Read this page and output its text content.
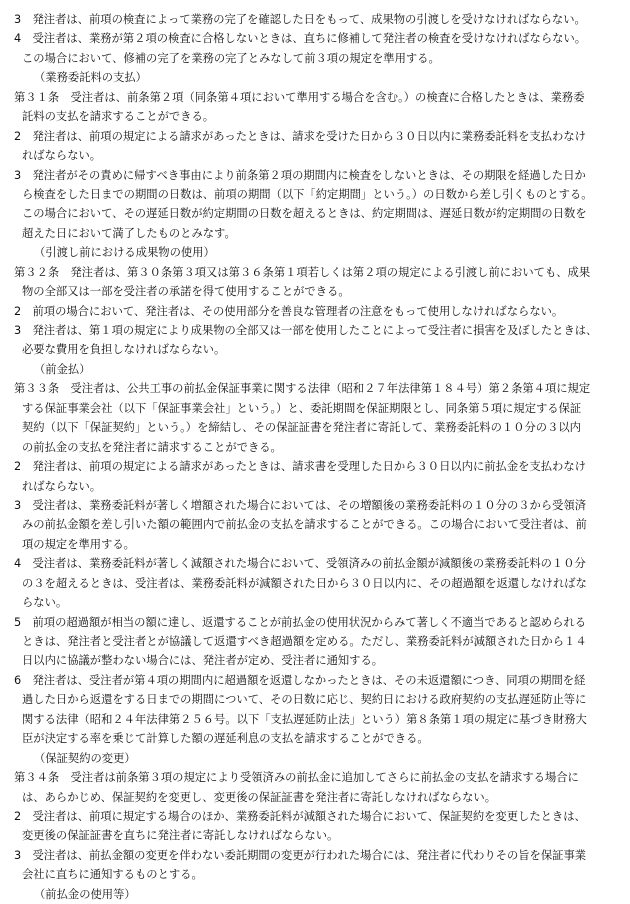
3　発注者は、前項の検査によって業務の完了を確認した日をもって、成果物の引渡しを受けなければならない。
4　受注者は、業務が第２項の検査に合格しないときは、直ちに修補して発注者の検査を受けなければならない。
この場合において、修補の完了を業務の完了とみなして前３項の規定を準用する。
（業務委託料の支払）
第３１条　受注者は、前条第２項（同条第４項において準用する場合を含む。）の検査に合格したときは、業務委
託料の支払を請求することができる。
2　発注者は、前項の規定による請求があったときは、請求を受けた日から３０日以内に業務委託料を支払わなけ
ればならない。
3　発注者がその責めに帰すべき事由により前条第２項の期間内に検査をしないときは、その期限を経過した日か
ら検査をした日までの期間の日数は、前項の期間（以下「約定期間」という。）の日数から差し引くものとする。
この場合において、その遅延日数が約定期間の日数を超えるときは、約定期間は、遅延日数が約定期間の日数を
超えた日において満了したものとみなす。
（引渡し前における成果物の使用）
第３２条　発注者は、第３０条第３項又は第３６条第１項若しくは第２項の規定による引渡し前においても、成果
物の全部又は一部を受注者の承諾を得て使用することができる。
2　前項の場合において、発注者は、その使用部分を善良な管理者の注意をもって使用しなければならない。
3　発注者は、第１項の規定により成果物の全部又は一部を使用したことによって受注者に損害を及ぼしたときは、
必要な費用を負担しなければならない。
（前金払）
第３３条　受注者は、公共工事の前払金保証事業に関する法律（昭和２７年法律第１８４号）第２条第４項に規定
する保証事業会社（以下「保証事業会社」という。）と、委託期間を保証期限とし、同条第５項に規定する保証
契約（以下「保証契約」という。）を締結し、その保証証書を発注者に寄託して、業務委託料の１０分の３以内
の前払金の支払を発注者に請求することができる。
2　発注者は、前項の規定による請求があったときは、請求書を受理した日から３０日以内に前払金を支払わなけ
ればならない。
3　受注者は、業務委託料が著しく増額された場合においては、その増額後の業務委託料の１０分の３から受領済
みの前払金額を差し引いた額の範囲内で前払金の支払を請求することができる。この場合において受注者は、前
項の規定を準用する。
4　受注者は、業務委託料が著しく減額された場合において、受領済みの前払金額が減額後の業務委託料の１０分
の３を超えるときは、受注者は、業務委託料が減額された日から３０日以内に、その超過額を返還しなければな
らない。
5　前項の超過額が相当の額に達し、返還することが前払金の使用状況からみて著しく不適当であると認められる
ときは、発注者と受注者とが協議して返還すべき超過額を定める。ただし、業務委託料が減額された日から１４
日以内に協議が整わない場合には、発注者が定め、受注者に通知する。
6　発注者は、受注者が第４項の期間内に超過額を返還しなかったときは、その未返還額につき、同項の期間を経
過した日から返還をする日までの期間について、その日数に応じ、契約日における政府契約の支払遅延防止等に
関する法律（昭和２４年法律第２５６号。以下「支払遅延防止法」という）第８条第１項の規定に基づき財務大
臣が決定する率を乗じて計算した額の遅延利息の支払を請求することができる。
（保証契約の変更）
第３４条　受注者は前条第３項の規定により受領済みの前払金に追加してさらに前払金の支払を請求する場合に
は、あらかじめ、保証契約を変更し、変更後の保証証書を発注者に寄託しなければならない。
2　受注者は、前項に規定する場合のほか、業務委託料が減額された場合において、保証契約を変更したときは、
変更後の保証証書を直ちに発注者に寄託しなければならない。
3　受注者は、前払金額の変更を伴わない委託期間の変更が行われた場合には、発注者に代わりその旨を保証事業
会社に直ちに通知するものとする。
（前払金の使用等）
